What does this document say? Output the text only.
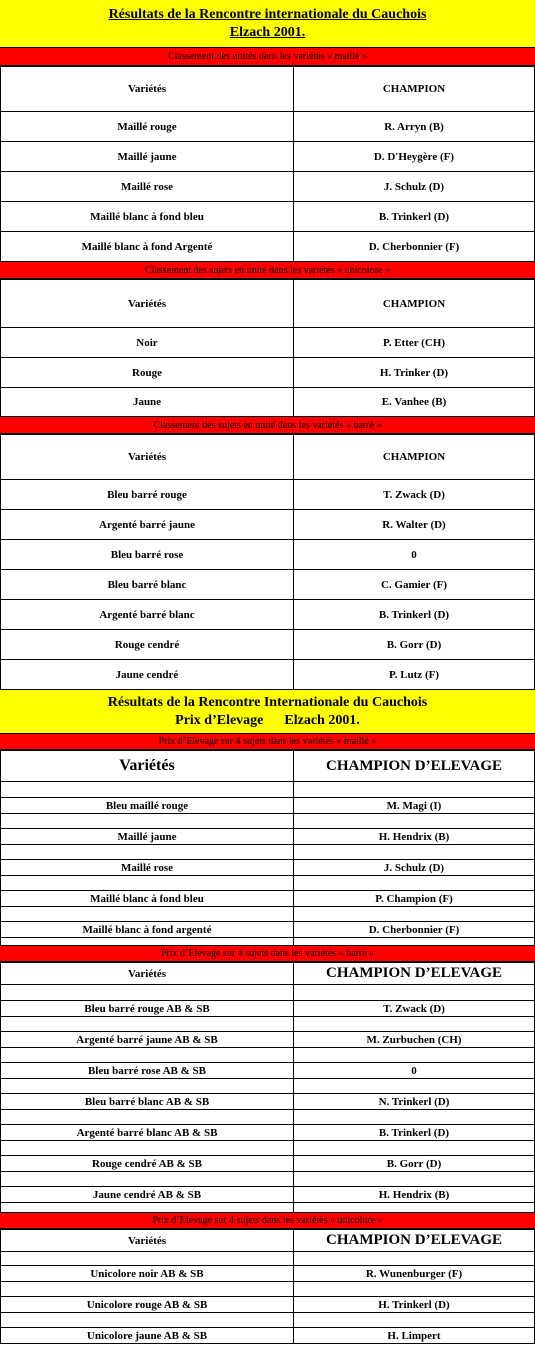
Résultats de la Rencontre internationale du Cauchois
Elzach 2001.
Classement des unités dans les variétés « maillé »
Variétés	CHAMPION
Maillé rouge	R. Arryn (B)
Maillé jaune	D. D'Heygère (F)
Maillé rose	J. Schulz (D)
Maillé blanc à fond bleu	B. Trinkerl (D)
Maillé blanc à fond Argenté	D. Cherbonnier (F)
Classement des sujets en unité dans les variétés « unicolore »
Variétés	CHAMPION
Noir	P. Etter (CH)
Rouge	H. Trinker (D)
Jaune	E. Vanhee (B)
Classement des sujets en unité dans les variétés « barré »
Variétés	CHAMPION
Bleu barré rouge	T. Zwack (D)
Argenté barré jaune	R. Walter (D)
Bleu barré rose	0
Bleu barré blanc	C. Gamier (F)
Argenté barré blanc	B. Trinkerl (D)
Rouge cendré	B. Gorr (D)
Jaune cendré	P. Lutz (F)
Résultats de la Rencontre Internationale du Cauchois
Prix d’Elevage      Elzach 2001.
Prix d’Elevage sur 4 sujets dans les variétés « maillé »
Variétés	CHAMPION D’ELEVAGE

Bleu maillé rouge	M. Magi (I)

Maillé jaune	H. Hendrix (B)

Maillé rose	J. Schulz (D)

Maillé blanc à fond bleu	P. Champion (F)

Maillé blanc à fond argenté	D. Cherbonnier (F)

Prix d’Elevage sur 4 sujets dans les variétés « barré »
Variétés	CHAMPION D’ELEVAGE

Bleu barré rouge AB & SB	T. Zwack (D)

Argenté barré jaune AB & SB	M. Zurbuchen (CH)

Bleu barré rose AB & SB	0

Bleu barré blanc AB & SB	N. Trinkerl (D)

Argenté barré blanc AB & SB	B. Trinkerl (D)

Rouge cendré AB & SB	B. Gorr (D)

Jaune cendré AB & SB	H. Hendrix (B)

Prix d’Elevage sur 4 sujets dans les variétés « unicolore »
Variétés	CHAMPION D’ELEVAGE

Unicolore noir AB & SB	R. Wunenburger (F)

Unicolore rouge AB & SB	H. Trinkerl (D)

Unicolore jaune AB & SB	H. Limpert
